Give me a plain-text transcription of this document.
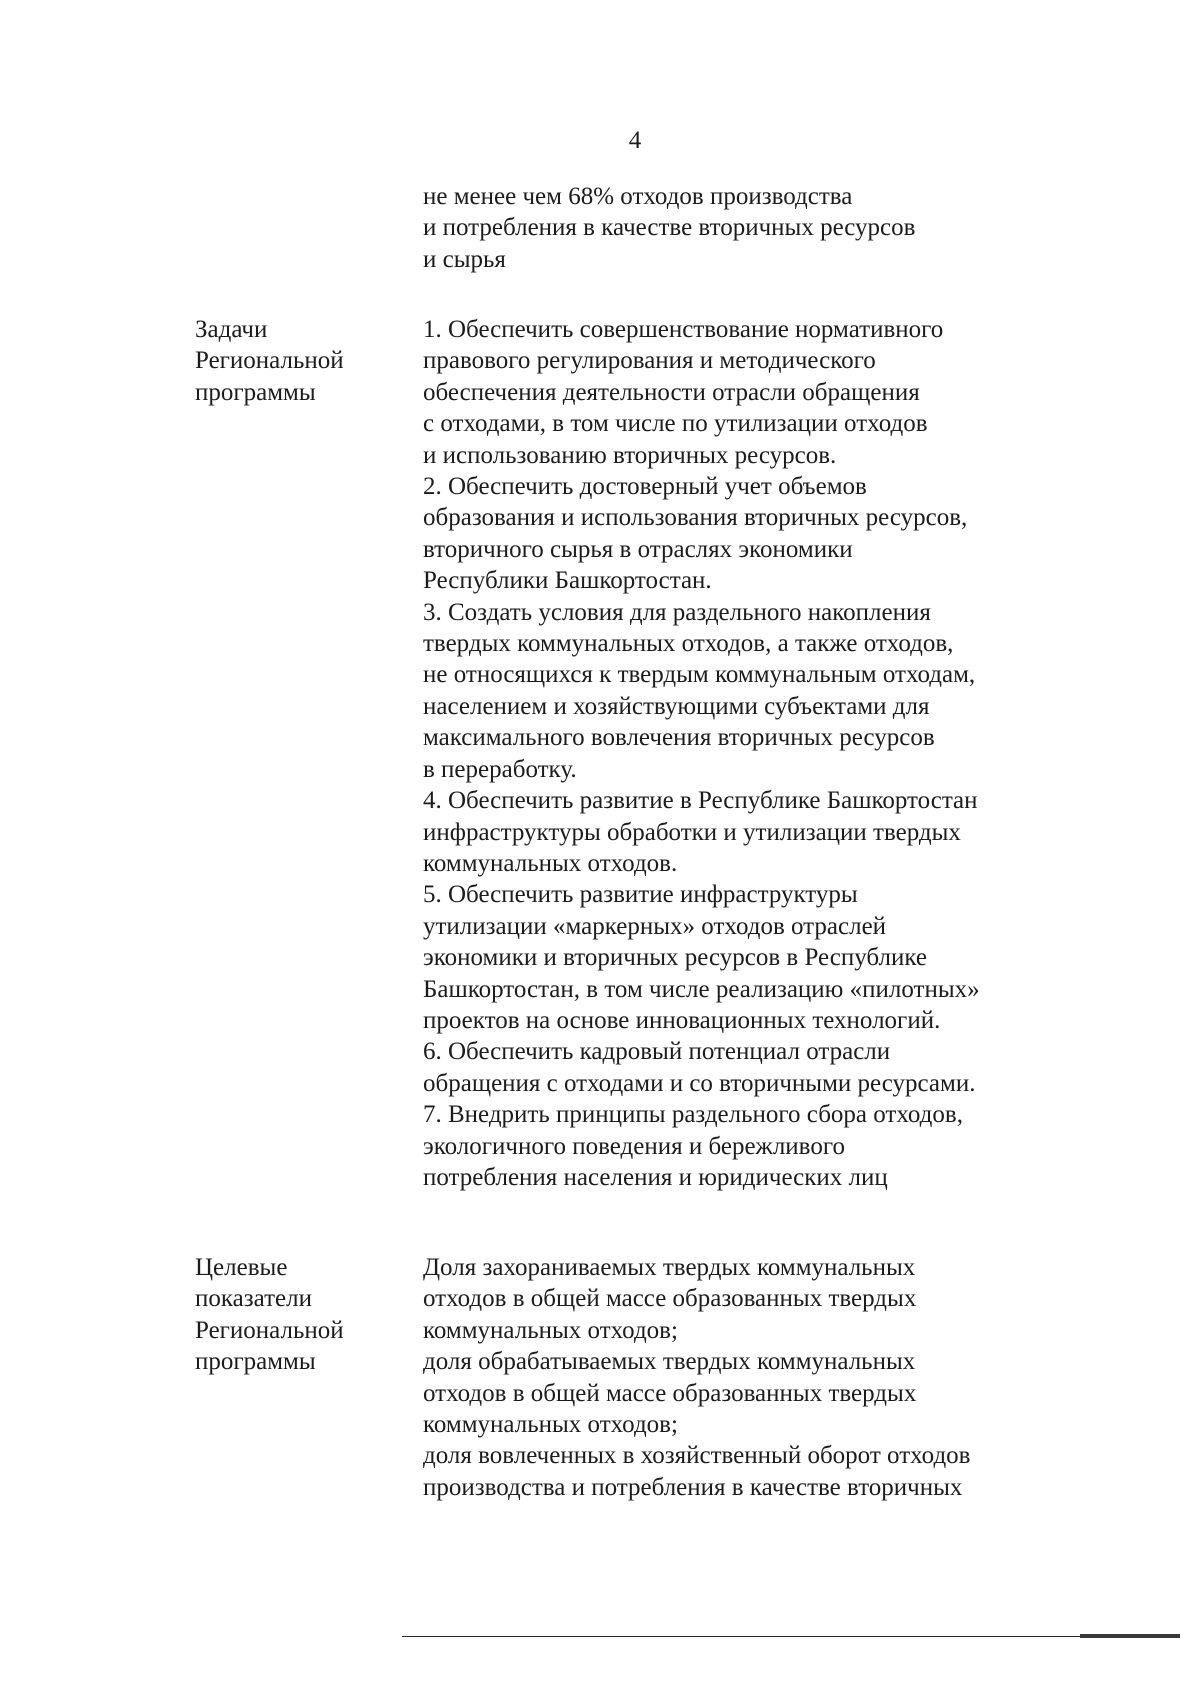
4
не менее чем 68% отходов производства
и потребления в качестве вторичных ресурсов
и сырья
Задачи
Региональной
программы
1. Обеспечить совершенствование нормативного
правового регулирования и методического
обеспечения деятельности отрасли обращения
с отходами, в том числе по утилизации отходов
и использованию вторичных ресурсов.
2. Обеспечить достоверный учет объемов
образования и использования вторичных ресурсов,
вторичного сырья в отраслях экономики
Республики Башкортостан.
3. Создать условия для раздельного накопления
твердых коммунальных отходов, а также отходов,
не относящихся к твердым коммунальным отходам,
населением и хозяйствующими субъектами для
максимального вовлечения вторичных ресурсов
в переработку.
4. Обеспечить развитие в Республике Башкортостан
инфраструктуры обработки и утилизации твердых
коммунальных отходов.
5. Обеспечить развитие инфраструктуры
утилизации «маркерных» отходов отраслей
экономики и вторичных ресурсов в Республике
Башкортостан, в том числе реализацию «пилотных»
проектов на основе инновационных технологий.
6. Обеспечить кадровый потенциал отрасли
обращения с отходами и со вторичными ресурсами.
7. Внедрить принципы раздельного сбора отходов,
экологичного поведения и бережливого
потребления населения и юридических лиц
Целевые
показатели
Региональной
программы
Доля захораниваемых твердых коммунальных
отходов в общей массе образованных твердых
коммунальных отходов;
доля обрабатываемых твердых коммунальных
отходов в общей массе образованных твердых
коммунальных отходов;
доля вовлеченных в хозяйственный оборот отходов
производства и потребления в качестве вторичных
